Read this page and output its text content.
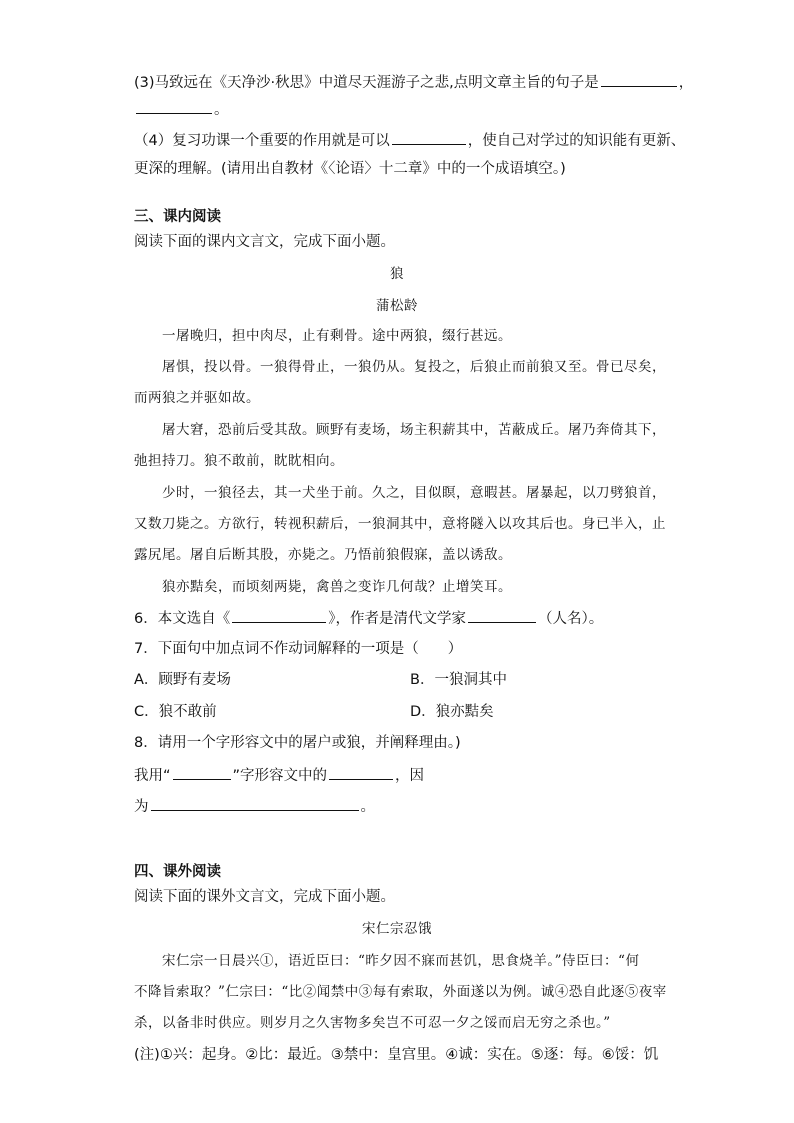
(3)马致远在《天净沙·秋思》中道尽天涯游子之悲,点明文章主旨的句子是	，
。
（4）复习功课一个重要的作用就是可以	，使自己对学过的知识能有更新、
更深的理解。(请用出自教材《〈论语〉十二章》中的一个成语填空。)
三、课内阅读
阅读下面的课内文言文，完成下面小题。
狼
蒲松龄
一屠晚归，担中肉尽，止有剩骨。途中两狼，缀行甚远。
屠惧，投以骨。一狼得骨止，一狼仍从。复投之，后狼止而前狼又至。骨已尽矣，
而两狼之并驱如故。
屠大窘，恐前后受其敌。顾野有麦场，场主积薪其中，苫蔽成丘。屠乃奔倚其下，
弛担持刀。狼不敢前，眈眈相向。
少时，一狼径去，其一犬坐于前。久之，目似瞑，意暇甚。屠暴起，以刀劈狼首，
又数刀毙之。方欲行，转视积薪后，一狼洞其中，意将隧入以攻其后也。身已半入，止
露尻尾。屠自后断其股，亦毙之。乃悟前狼假寐，盖以诱敌。
狼亦黠矣，而顷刻两毙，禽兽之变诈几何哉？止增笑耳。
6．本文选自《	》，作者是清代文学家	（人名）。
7．下面句中加点词不作动词解释的一项是（　　）
A．顾野有麦场	B．一狼洞其中
C．狼不敢前	D．狼亦黠矣
8．请用一个字形容文中的屠户或狼，并阐释理由。)
我用“	”字形容文中的	，因
为	。
四、课外阅读
阅读下面的课外文言文，完成下面小题。
宋仁宗忍饿
宋仁宗一日晨兴①，语近臣曰：“昨夕因不寐而甚饥，思食烧羊。”侍臣曰：“何
不降旨索取？”仁宗曰：“比②闻禁中③每有索取，外面遂以为例。诚④恐自此逐⑤夜宰
杀，以备非时供应。则岁月之久害物多矣岂不可忍一夕之馁而启无穷之杀也。”
(注)①兴：起身。②比：最近。③禁中：皇宫里。④诚：实在。⑤逐：每。⑥馁：饥
